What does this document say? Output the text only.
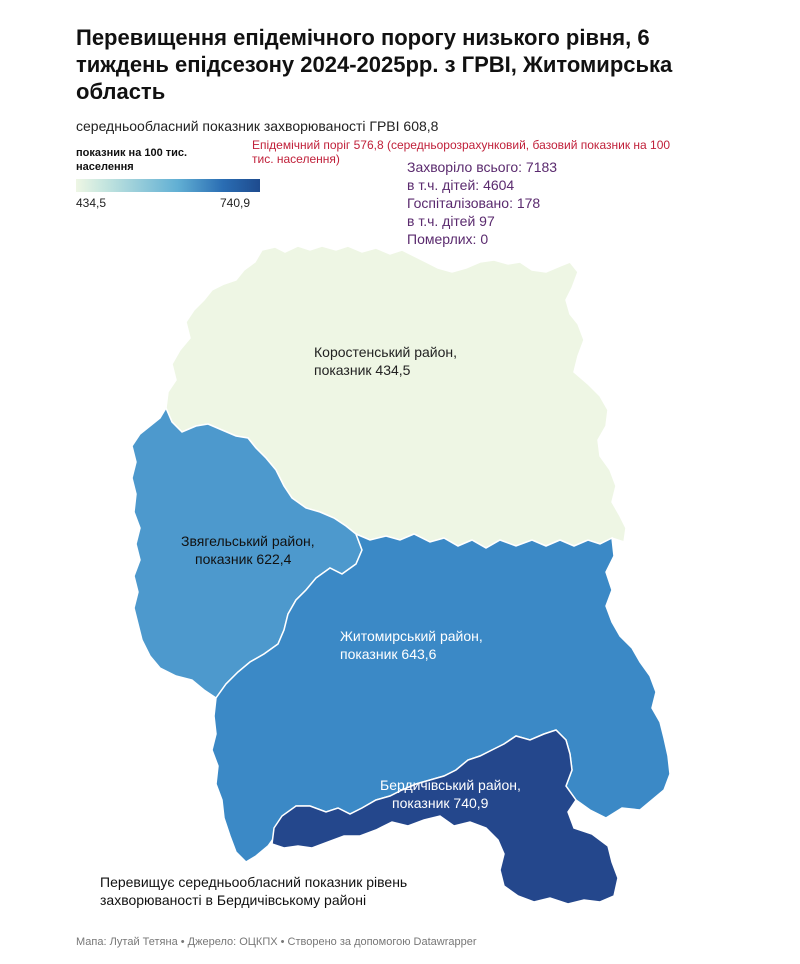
Перевищення епідемічного порогу низького рівня, 6 тиждень епідсезону 2024-2025рр. з ГРВІ, Житомирська область
середньообласний показник захворюваності ГРВІ 608,8
показник на 100 тис. населення
434,5	740,9
Епідемічний поріг 576,8 (середньорозрахунковий, базовий показник на 100 тис. населення)	Захворіло всього: 7183
в т.ч. дітей: 4604
Госпіталізовано: 178
в т.ч. дітей 97
Померлих: 0
Коростенський район,
показник 434,5
Звягельський район,
показник 622,4
Житомирський район,
показник 643,6
Бердичівський район,
показник 740,9
Перевищує середньообласний показник рівень захворюваності в Бердичівському районі
Мапа: Лутай Тетяна • Джерело: ОЦКПХ • Створено за допомогою Datawrapper
